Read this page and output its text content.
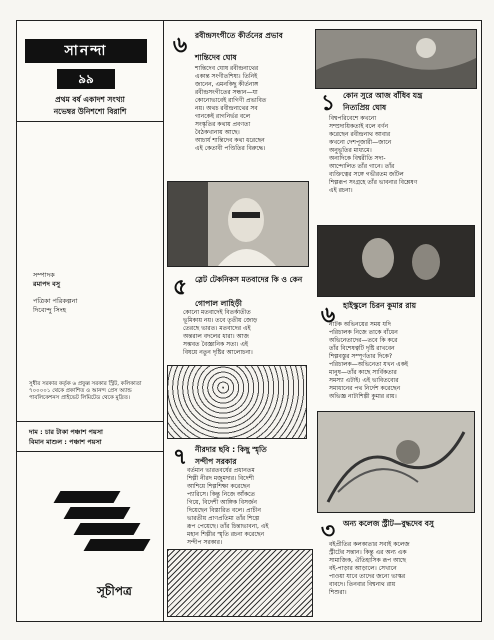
সানন্দা
৯৯
প্রথম বর্ষ একাদশ সংখ্যা
নভেম্বর উনিশশো বিরাশি
সম্পাদক
রমাপদ বসু
পত্রিকা পরিকল্পনা
দিব্যেন্দু সিংহ
সুধীর সরকার কর্তৃক ৬ প্রফুল্ল সরকার স্ট্রিট, কলিকাতা ৭০০০০১ থেকে প্রকাশিত ও আনন্দ প্রেস অ্যান্ড পাবলিকেশনস প্রাইভেট লিমিটেড থেকে মুদ্রিত।
দাম : চার টাকা পঞ্চাশ পয়সা
বিমান মাশুল : পঞ্চাশ পয়সা
সূচীপত্র
৬	রবীন্দ্রসংগীতে কীর্তনের প্রভাব
শান্তিদেব ঘোষ
শান্তিদেব ঘোষ রবীন্দ্রনাথের
একান্ত সংগীতশিষ্য। তিনিই
জানেন, এমনকিছু কীর্তনাঙ্গ
রবীন্দ্রসংগীতের সন্ধান—যা
কোনোভাবেই রাগিণী প্রভাবিত
নয়। অথচ রবীন্দ্রনাথের সব
গানকেই রাগনির্ভর বলে
সংস্কৃতির কথায় প্রবণতা
বৈঠকখানায় আছে।
আচার্য শান্তিদেব কথা ধরেছেন
এই কেতাবী পণ্ডিতির বিরুদ্ধে।
৫	স্লেট টেকনিকস মতবাদের কি ও কেন
গোপাল লাহিড়ী
কোনো মতবাদেই বিতর্কাতীত
ভূমিকায় নয়। তবে তৃতীয় জোড়
তেরছে ভারত। মতবাদের এই
অন্তরাল বদলের ধারা। আজ
সম্ভবত বৈজ্ঞানিক সত্য। এই
বিষয়ে নতুন দৃষ্টির আলোচনা।
৭	নীরদার ছবি : কিছু স্মৃতি
সন্দীপ সরকার
বর্তমান ভারতবর্ষের প্রধানতম
শিল্পী নীরদ মজুমদার। বিদেশী
আশিয়ে শিল্পশিক্ষা করেছেন
প্যারিসে। কিন্তু নিজে আঁকতে
গিয়ে, বিদেশী আঙ্গিক বিসর্জন
দিয়েছেন বিস্তারিত বলে। প্রাচীন
ভারতীয় প্রাণপ্রতিমা তাঁর শিল্পে
রূপ পেয়েছে। তাঁর চিন্তাভাবনা, এই
মহান শিল্পীর স্মৃতি রচনা করেছেন
সন্দীপ সরকার।
১	কোন সুরে আজ বাঁধিব যন্ত্র
নিত্যপ্রিয় ঘোষ
বিশ্বপরিবেশে কখনো
সম্প্রদায়িকতাই বলে বর্ণন
করেছেন রবীন্দ্রনাথ আবার
কখনো দেশপূজারী—জানে
অনুভূতির মাধ্যমে।
অন্যদিকে বিশ্বরীতি সদা-
আন্দোলিত তাঁর গানে। তাঁর
ব্যক্তিত্বের সঙ্গে গভীরতম জটিল
শিল্পরূপ সংগ্রহে তাঁর ভাবনার বিশ্লেষণ
এই রচনা।
৬	হাইস্কুলে চিরন কুমার রায়
নাটক অভিনয়ের সময় যদি
পরিচালক নিজে তাকে বাঁধেন
অভিনেতাদের—তবে কি করে
তাঁর বিশেষত্বটি দৃষ্টি রাখবেন
শিল্পবস্তুর সম্পূর্ণতার দিকে?
পরিচালক—অভিনেতা যখন একই
মানুষ—তাঁর কাছে সার্বিকতার
সমস্যা এটাই। এই ভাবিতব্যের
সমাধানের পথ নির্দেশ করেছেন
অভিজ্ঞ নাট্যশিল্পী কুমার রায়।
৩	অন্য কলেজ স্ট্রীট—বুদ্ধদেব বসু
বইপ্রীতির কলকাতার সবাই কলেজ
স্ট্রীটের সন্তান। কিন্তু এর অন্য এক
সামাজিক, ঐতিহাসিক রূপ আছে
বই-পাড়ার আড়ালে। সেখানে
পাওয়া যাবে তাদের জন্যে ভাস্কর
বাবদে। তিনবার বিশ্বনাথ রায়
শিশুরা।
